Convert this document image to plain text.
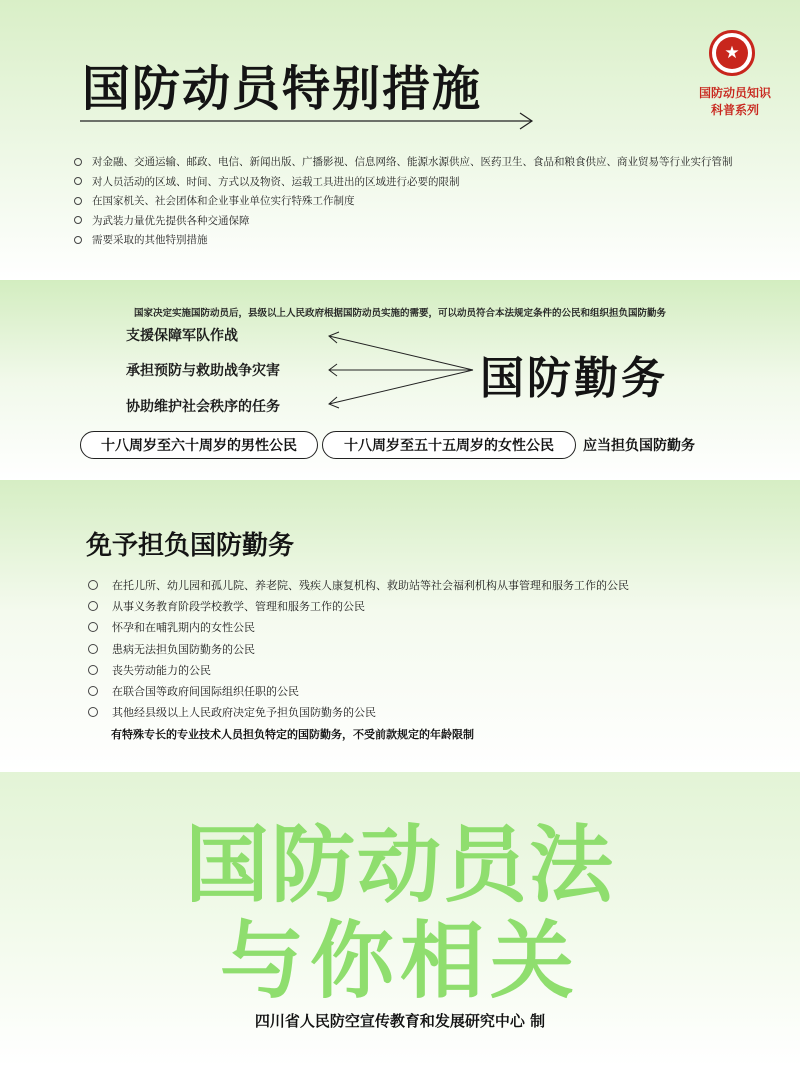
国防动员特别措施
★
国防动员知识
科普系列
对金融、交通运输、邮政、电信、新闻出版、广播影视、信息网络、能源水源供应、医药卫生、食品和粮食供应、商业贸易等行业实行管制
对人员活动的区域、时间、方式以及物资、运载工具进出的区域进行必要的限制
在国家机关、社会团体和企业事业单位实行特殊工作制度
为武装力量优先提供各种交通保障
需要采取的其他特别措施
国家决定实施国防动员后，县级以上人民政府根据国防动员实施的需要，可以动员符合本法规定条件的公民和组织担负国防勤务
支援保障军队作战
承担预防与救助战争灾害
协助维护社会秩序的任务
国防勤务
十八周岁至六十周岁的男性公民	十八周岁至五十五周岁的女性公民	应当担负国防勤务
免予担负国防勤务
在托儿所、幼儿园和孤儿院、养老院、残疾人康复机构、救助站等社会福利机构从事管理和服务工作的公民
从事义务教育阶段学校教学、管理和服务工作的公民
怀孕和在哺乳期内的女性公民
患病无法担负国防勤务的公民
丧失劳动能力的公民
在联合国等政府间国际组织任职的公民
其他经县级以上人民政府决定免予担负国防勤务的公民
有特殊专长的专业技术人员担负特定的国防勤务，不受前款规定的年龄限制
国防动员法
与你相关
四川省人民防空宣传教育和发展研究中心 制
